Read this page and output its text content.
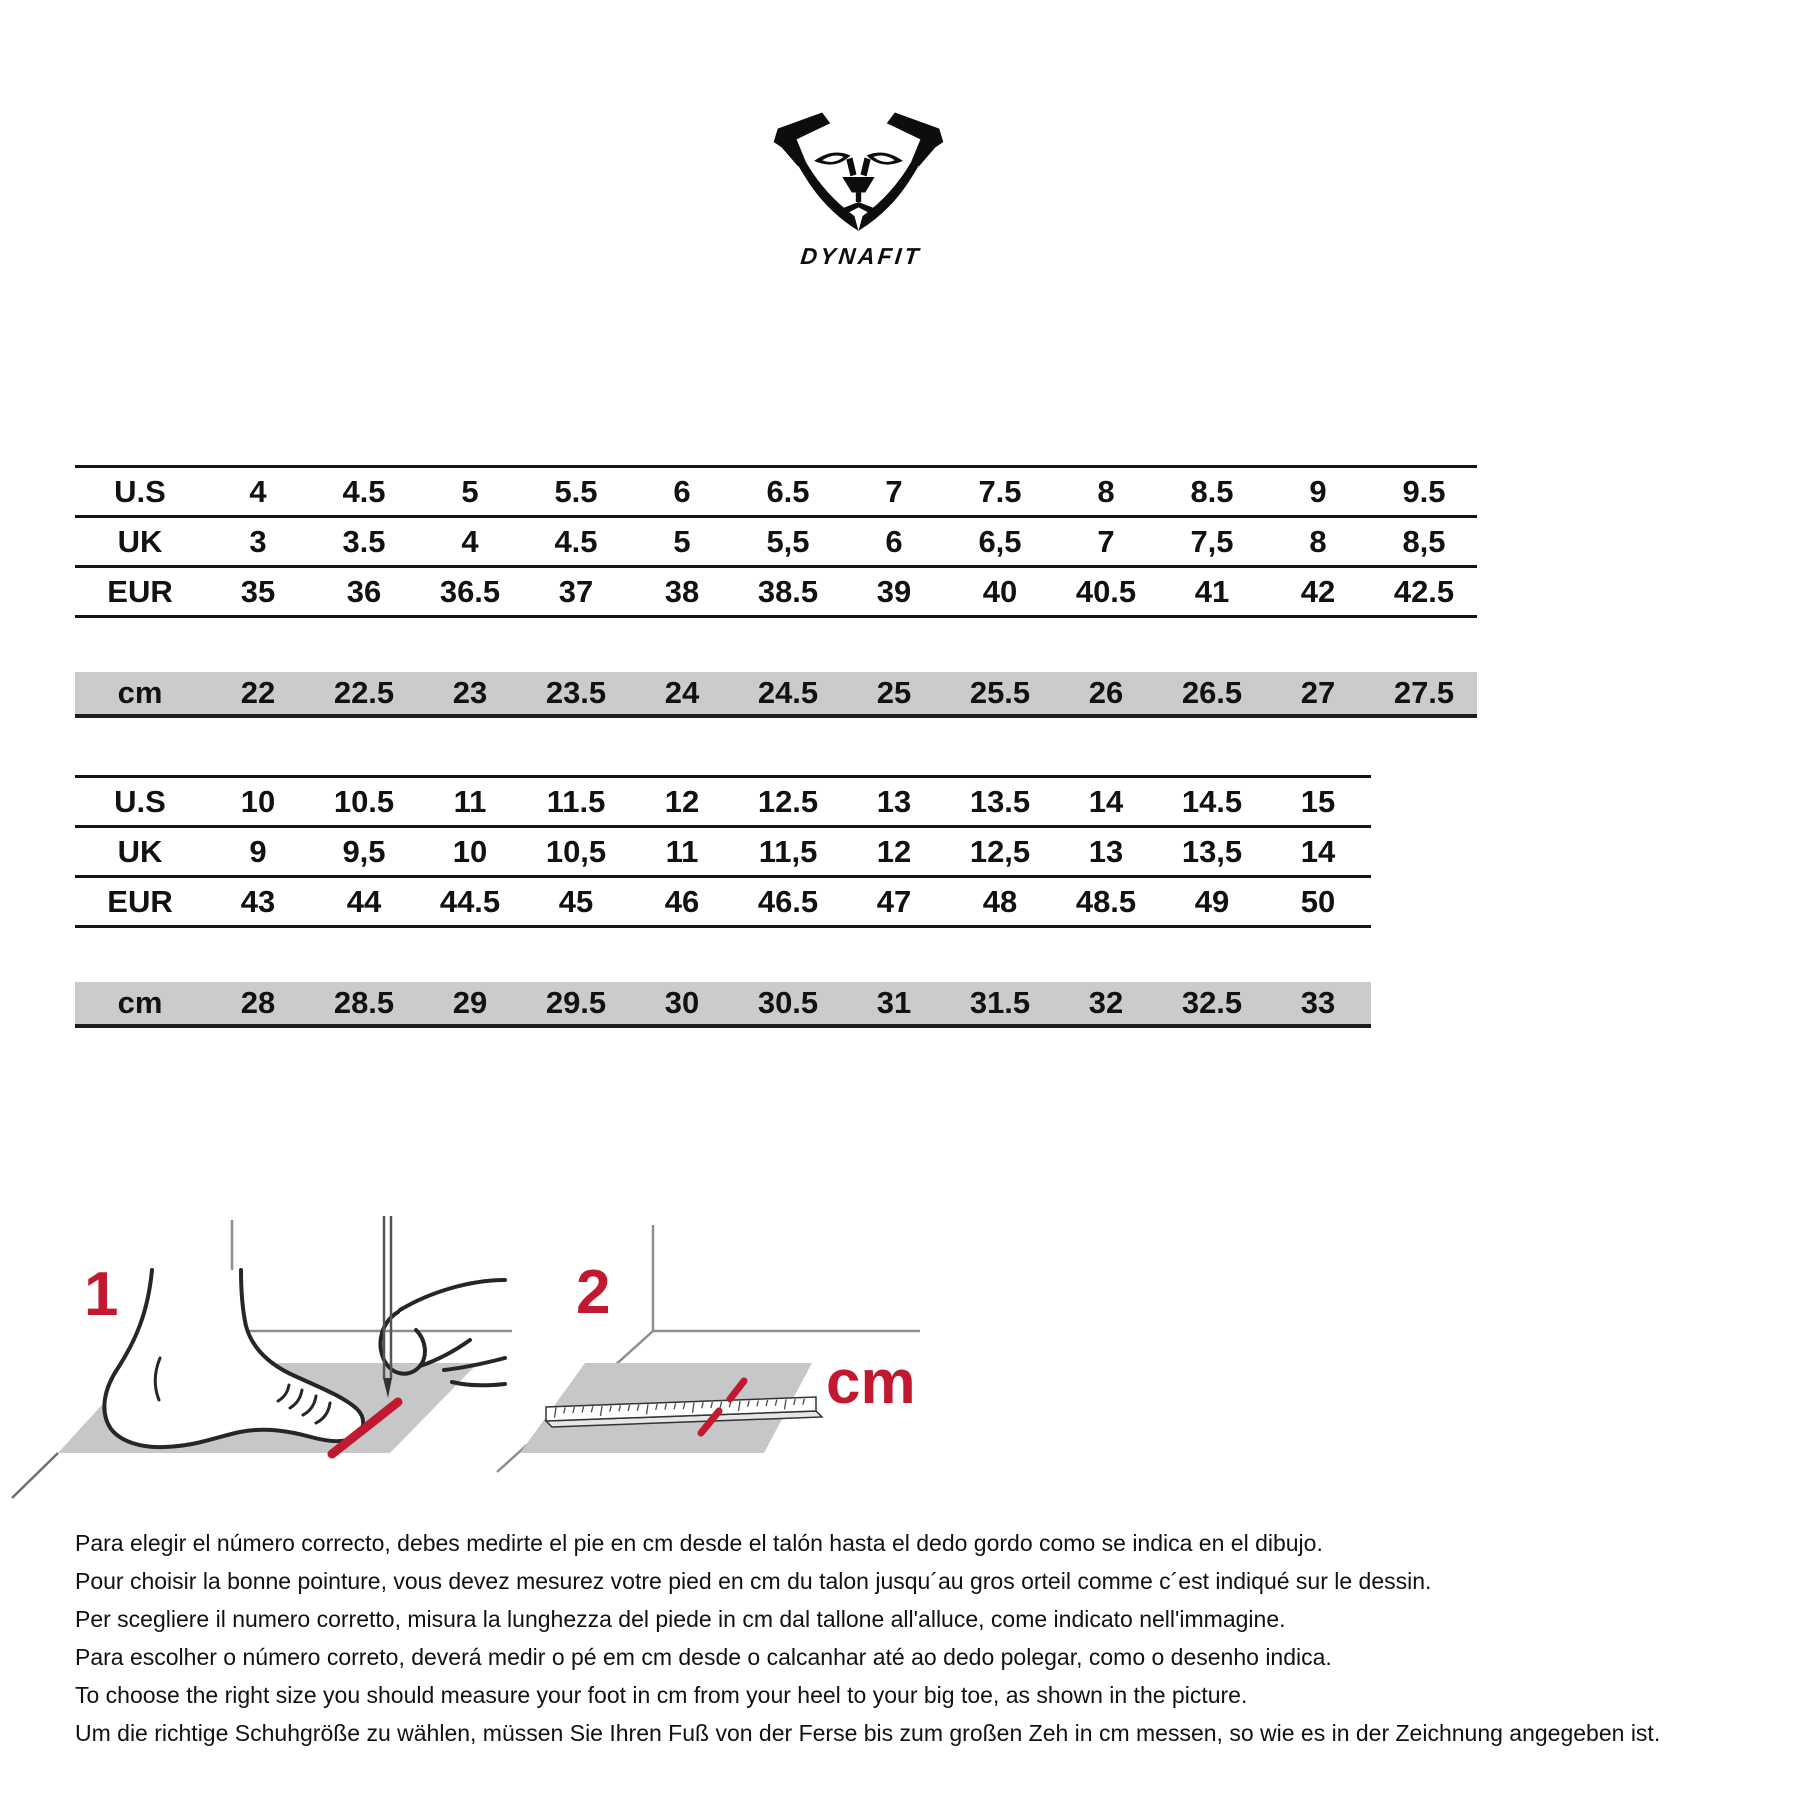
DYNAFIT
U.S	4	4.5	5	5.5	6	6.5	7	7.5	8	8.5	9	9.5
UK	3	3.5	4	4.5	5	5,5	6	6,5	7	7,5	8	8,5
EUR	35	36	36.5	37	38	38.5	39	40	40.5	41	42	42.5
cm	22	22.5	23	23.5	24	24.5	25	25.5	26	26.5	27	27.5
U.S	10	10.5	11	11.5	12	12.5	13	13.5	14	14.5	15
UK	9	9,5	10	10,5	11	11,5	12	12,5	13	13,5	14
EUR	43	44	44.5	45	46	46.5	47	48	48.5	49	50
cm	28	28.5	29	29.5	30	30.5	31	31.5	32	32.5	33
1	2
cm

Para elegir el número correcto, debes medirte el pie en cm desde el talón hasta el dedo gordo como se indica en el dibujo.

Pour choisir la bonne pointure, vous devez mesurez votre pied en cm du talon jusqu´au gros orteil comme c´est indiqué sur le dessin.

Per scegliere il numero corretto, misura la lunghezza del piede in cm dal tallone all'alluce, come indicato nell'immagine.

Para escolher o número correto, deverá medir o pé em cm desde o calcanhar até ao dedo polegar, como o desenho indica.

To choose the right size you should measure your foot in cm from your heel to your big toe, as shown in the picture.

Um die richtige Schuhgröße zu wählen, müssen Sie Ihren Fuß von der Ferse bis zum großen Zeh in cm messen, so wie es in der Zeichnung angegeben ist.
